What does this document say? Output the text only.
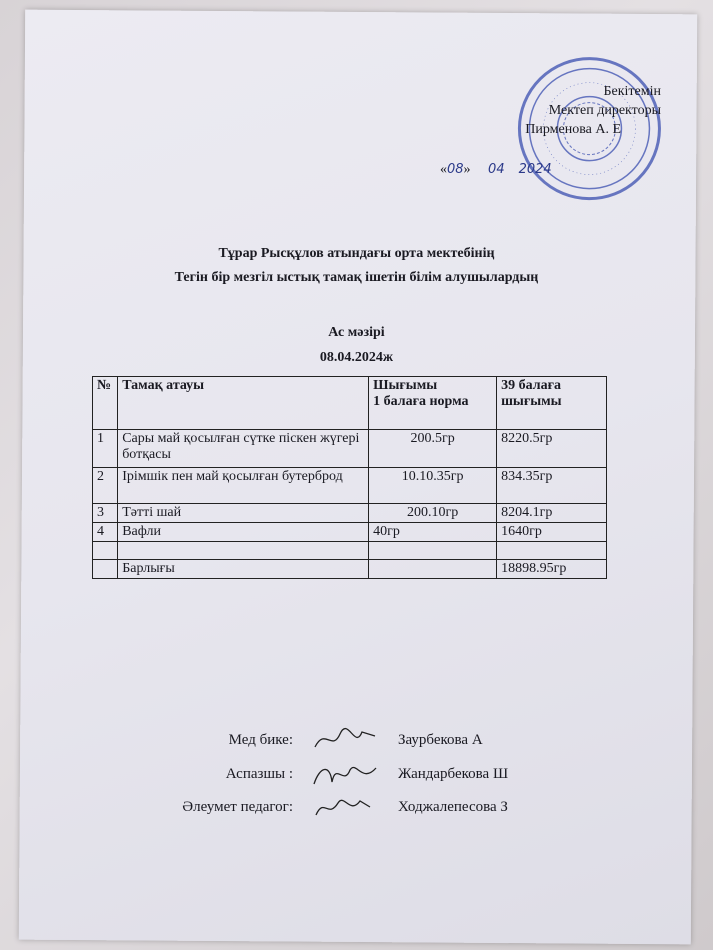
Бекітемін
Мектеп директоры
Пирменова А. Е
«08» 04 2024
Тұрар Рысқұлов атындағы орта мектебінің
Тегін бір мезгіл ыстық тамақ ішетін білім алушылардың
Ас мәзірі
08.04.2024ж
№	Тамақ атауы	Шығымы
1 балаға норма	39 балаға шығымы
1	Сары май қосылған сүтке піскен жүгері ботқасы	200.5гр	8220.5гр
2	Ірімшік пен май қосылған бутерброд	10.10.35гр	834.35гр
3	Тәтті шай	200.10гр	8204.1гр
4	Вафли	40гр	1640гр

	Барлығы		18898.95гр
Мед бике:	Заурбекова А
Аспазшы :	Жандарбекова Ш
Әлеумет педагог:	Ходжалепесова З
